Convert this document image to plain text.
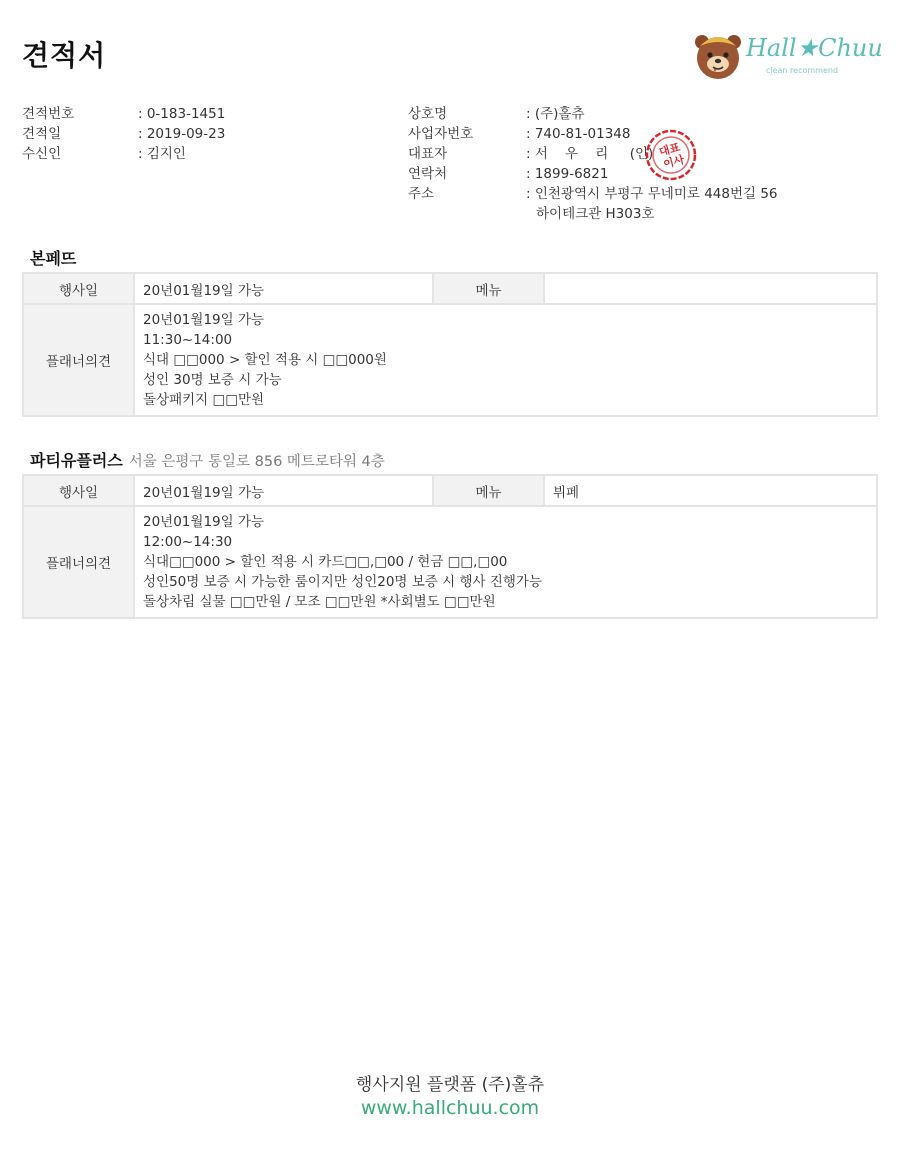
견적서	Hall★Chuu
clean recommend
견적번호	: 0-183-1451
견적일	: 2019-09-23
수신인	: 김지인
상호명	: (주)홀츄
사업자번호	: 740-81-01348
대표자	: 서    우    리     (인)
연락처	: 1899-6821
주소	: 인천광역시 부평구 무네미로 448번길 56
하이테크관 H303호
대표
이사
본페뜨
행사일	20년01월19일 가능	메뉴	
플래너의견	20년01월19일 가능
11:30~14:00
식대 □□000 > 할인 적용 시 □□000원
성인 30명 보증 시 가능
돌상패키지 □□만원		
파티유플러스 서울 은평구 통일로 856 메트로타워 4층
행사일	20년01월19일 가능	메뉴	뷔페
플래너의견	20년01월19일 가능
12:00~14:30
식대□□000 > 할인 적용 시 카드□□,□00 / 현금 □□,□00
성인50명 보증 시 가능한 룸이지만 성인20명 보증 시 행사 진행가능
돌상차림 실물 □□만원 / 모조 □□만원 *사회별도 □□만원		
행사지원 플랫폼 (주)홀츄
www.hallchuu.com
